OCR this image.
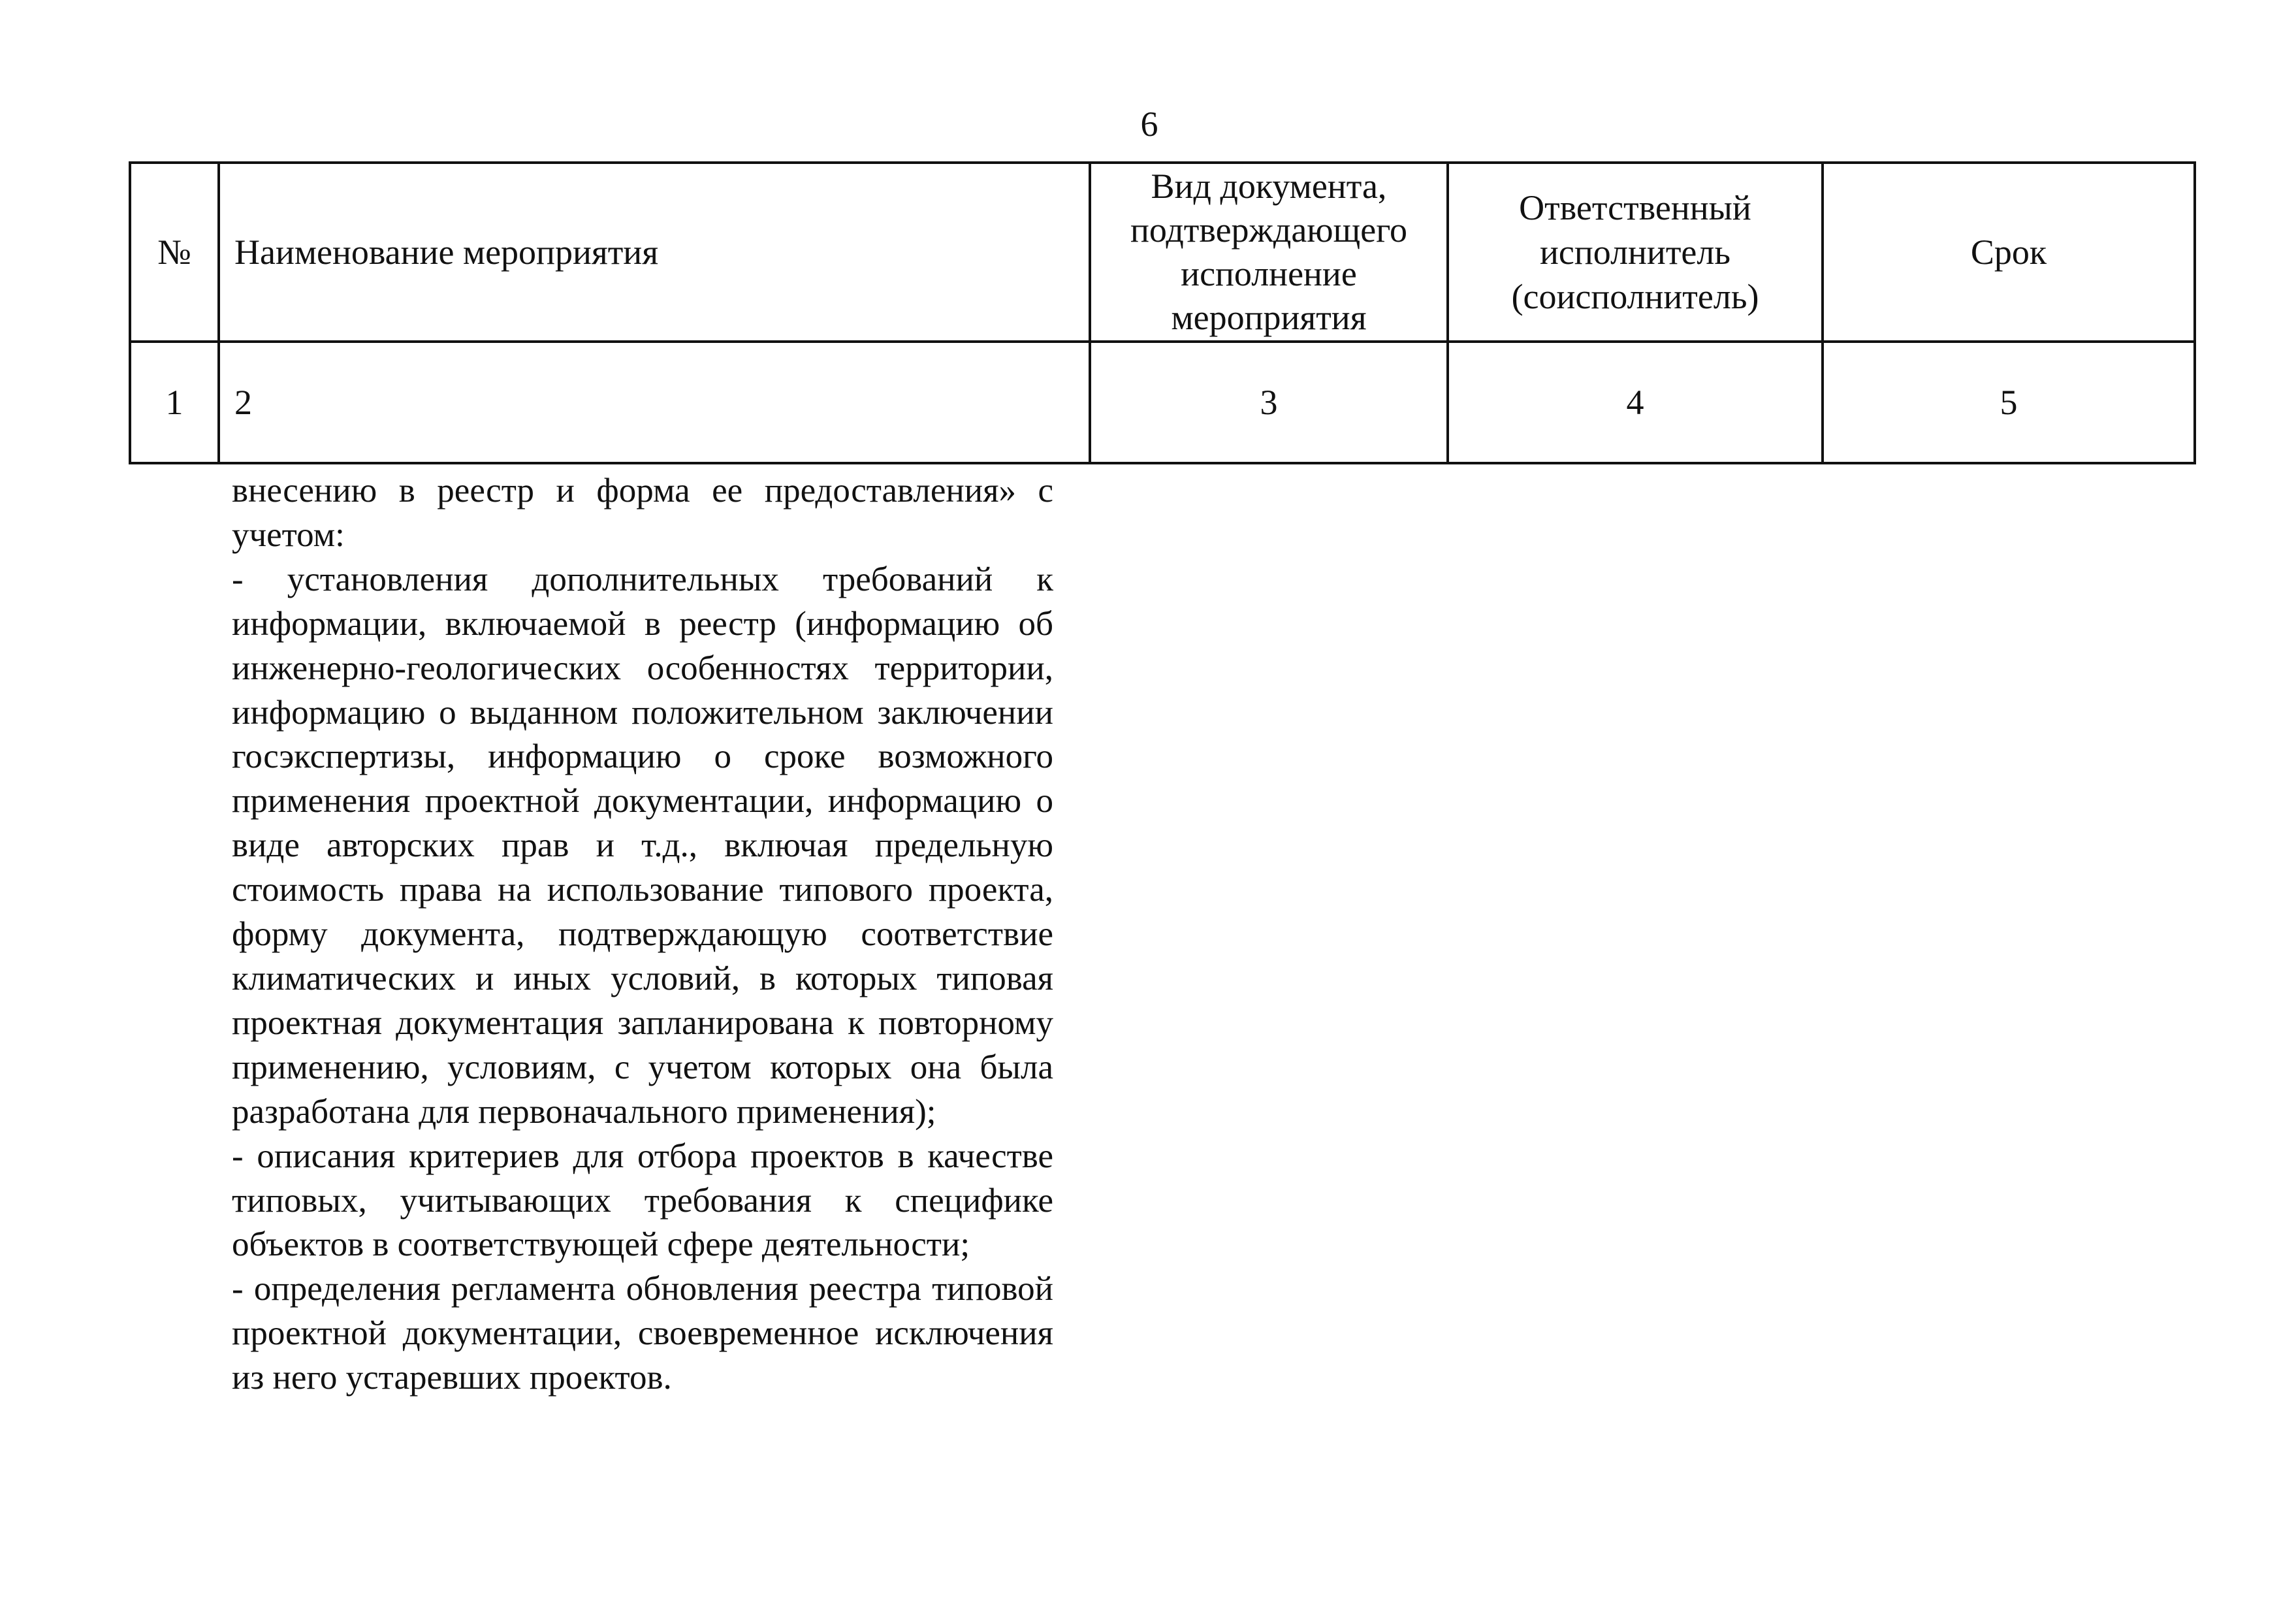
6
№	Наименование мероприятия	Вид документа, подтверждающего исполнение мероприятия	Ответственный исполнитель (соисполнитель)	Срок
1	2	3	4	5

внесению в реестр и форма ее предоставления» с учетом:

- установления дополнительных требований к информации, включаемой в реестр (информацию об инженерно-геологических особенностях территории, информацию о выданном положительном заключении госэкспертизы, информацию о сроке возможного применения проектной документации, информацию о виде авторских прав и т.д., включая предельную стоимость права на использование типового проекта, форму документа, подтверждающую соответствие климатических и иных условий, в которых типовая проектная документация запланирована к повторному применению, условиям, с учетом которых она была разработана для первоначального применения);

- описания критериев для отбора проектов в качестве типовых, учитывающих требования к специфике объектов в соответствующей сфере деятельности;

- определения регламента обновления реестра типовой проектной документации, своевременное исключения из него устаревших проектов.
